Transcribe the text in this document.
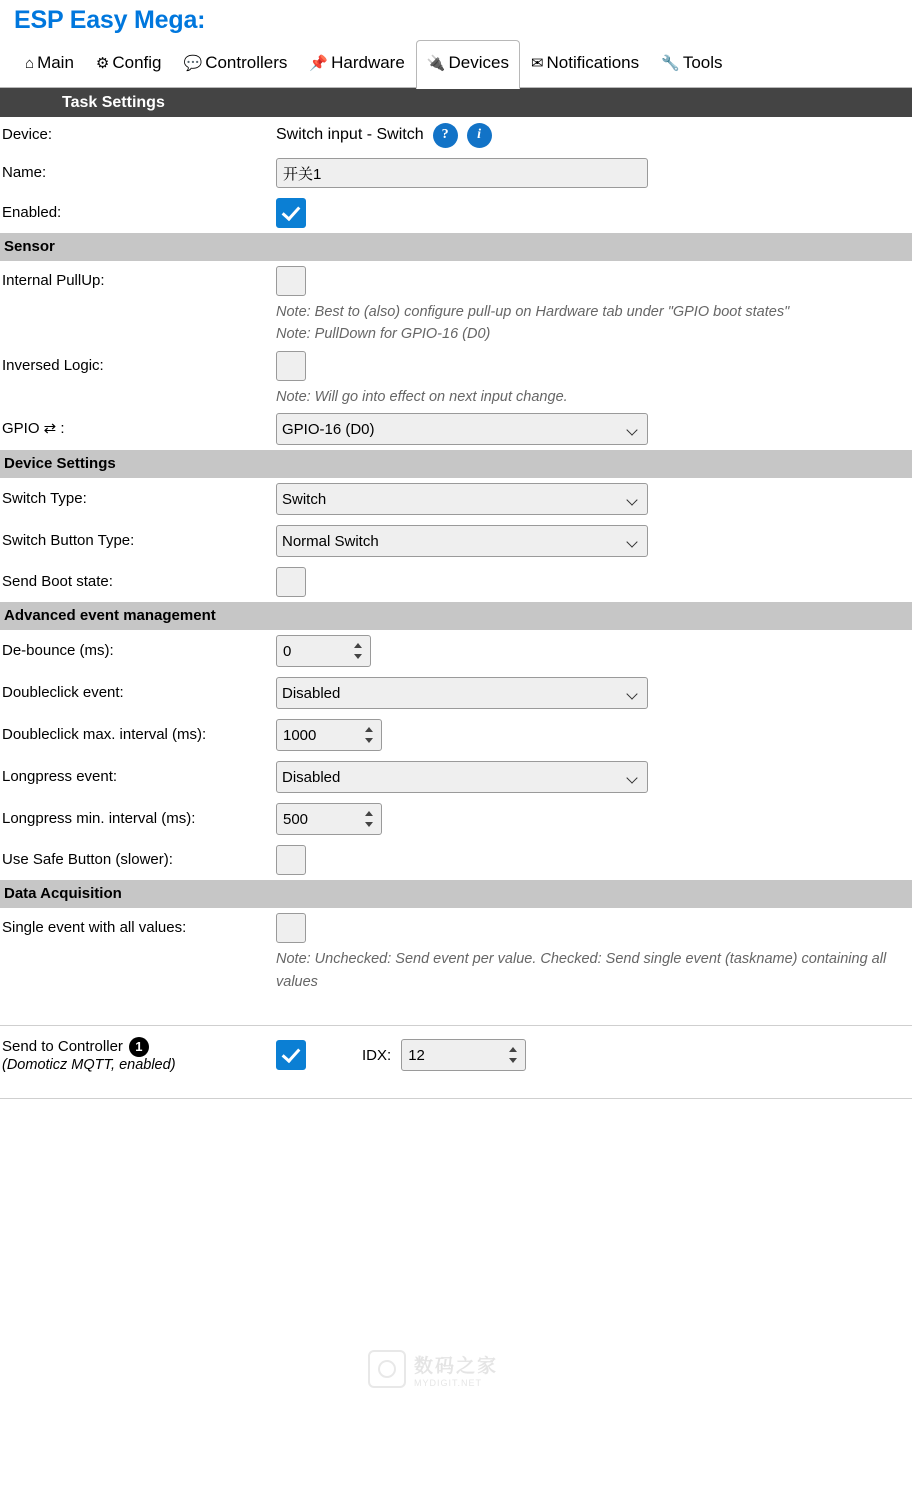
ESP Easy Mega:
⌂ Main ⚙ Config 💬 Controllers 📌 Hardware 🔌 Devices ✉ Notifications 🔧 Tools
Task Settings
Device:	Switch input - Switch	?	i
Name:
开关1
Enabled:
Sensor
Internal PullUp:
Note: Best to (also) configure pull-up on Hardware tab under "GPIO boot states"
Note: PullDown for GPIO-16 (D0)
Inversed Logic:
Note: Will go into effect on next input change.
GPIO ⇄ :
GPIO-16 (D0)
Device Settings
Switch Type:
Switch
Switch Button Type:
Normal Switch
Send Boot state:
Advanced event management
De-bounce (ms):
0
Doubleclick event:
Disabled
Doubleclick max. interval (ms):
1000
Longpress event:
Disabled
Longpress min. interval (ms):
500
Use Safe Button (slower):
Data Acquisition
Single event with all values:
Note: Unchecked: Send event per value. Checked: Send single event (taskname) containing all values
Send to Controller 1
(Domoticz MQTT, enabled)
IDX:
12
数码之家
MYDIGIT.NET
